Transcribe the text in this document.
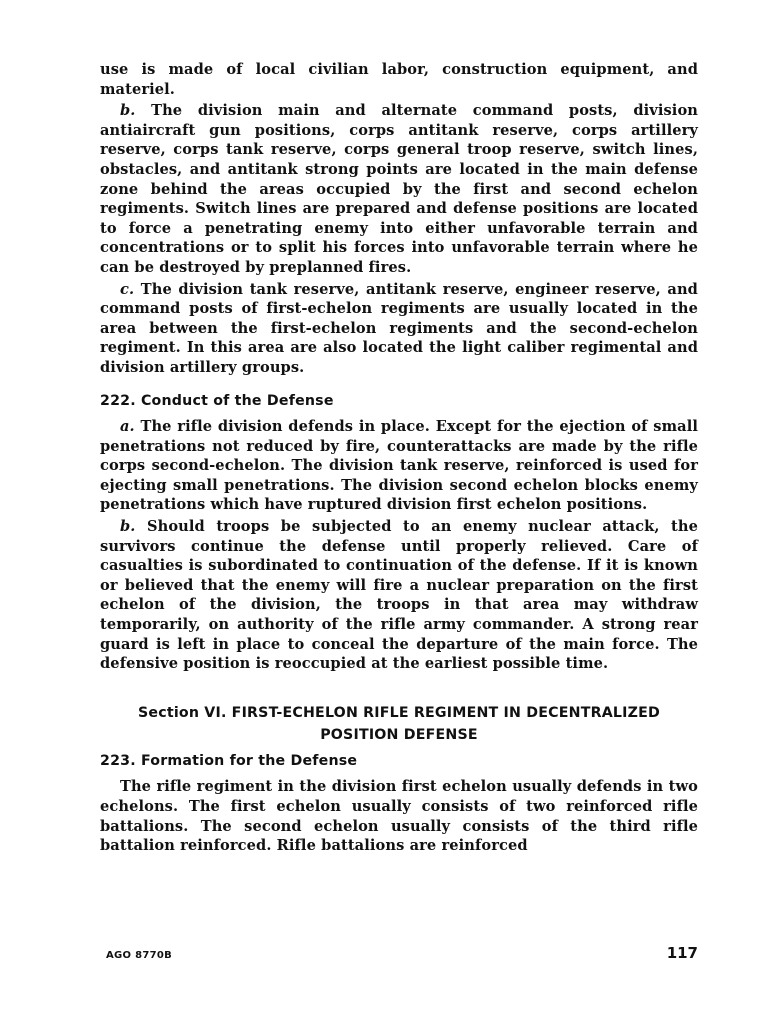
use is made of local civilian labor, construction equipment, and materiel.

b. The division main and alternate command posts, division antiaircraft gun positions, corps antitank reserve, corps artillery reserve, corps tank reserve, corps general troop reserve, switch lines, obstacles, and antitank strong points are located in the main defense zone behind the areas occupied by the first and second echelon regiments. Switch lines are prepared and defense positions are located to force a penetrating enemy into either unfavorable terrain and concentrations or to split his forces into unfavorable terrain where he can be destroyed by preplanned fires.

c. The division tank reserve, antitank reserve, engineer reserve, and command posts of first-echelon regiments are usually located in the area between the first-echelon regiments and the second-echelon regiment. In this area are also located the light caliber regimental and division artillery groups.

222. Conduct of the Defense

a. The rifle division defends in place. Except for the ejection of small penetrations not reduced by fire, counterattacks are made by the rifle corps second-echelon. The division tank reserve, reinforced is used for ejecting small penetrations. The division second echelon blocks enemy penetrations which have ruptured division first echelon positions.

b. Should troops be subjected to an enemy nuclear attack, the survivors continue the defense until properly relieved. Care of casualties is subordinated to continuation of the defense. If it is known or believed that the enemy will fire a nuclear preparation on the first echelon of the division, the troops in that area may withdraw temporarily, on authority of the rifle army commander. A strong rear guard is left in place to conceal the departure of the main force. The defensive position is reoccupied at the earliest possible time.

Section VI. FIRST-ECHELON RIFLE REGIMENT IN DECENTRALIZED
POSITION DEFENSE
223. Formation for the Defense

The rifle regiment in the division first echelon usually defends in two echelons. The first echelon usually consists of two reinforced rifle battalions. The second echelon usually consists of the third rifle battalion reinforced. Rifle battalions are reinforced

AGO 8770B	117
